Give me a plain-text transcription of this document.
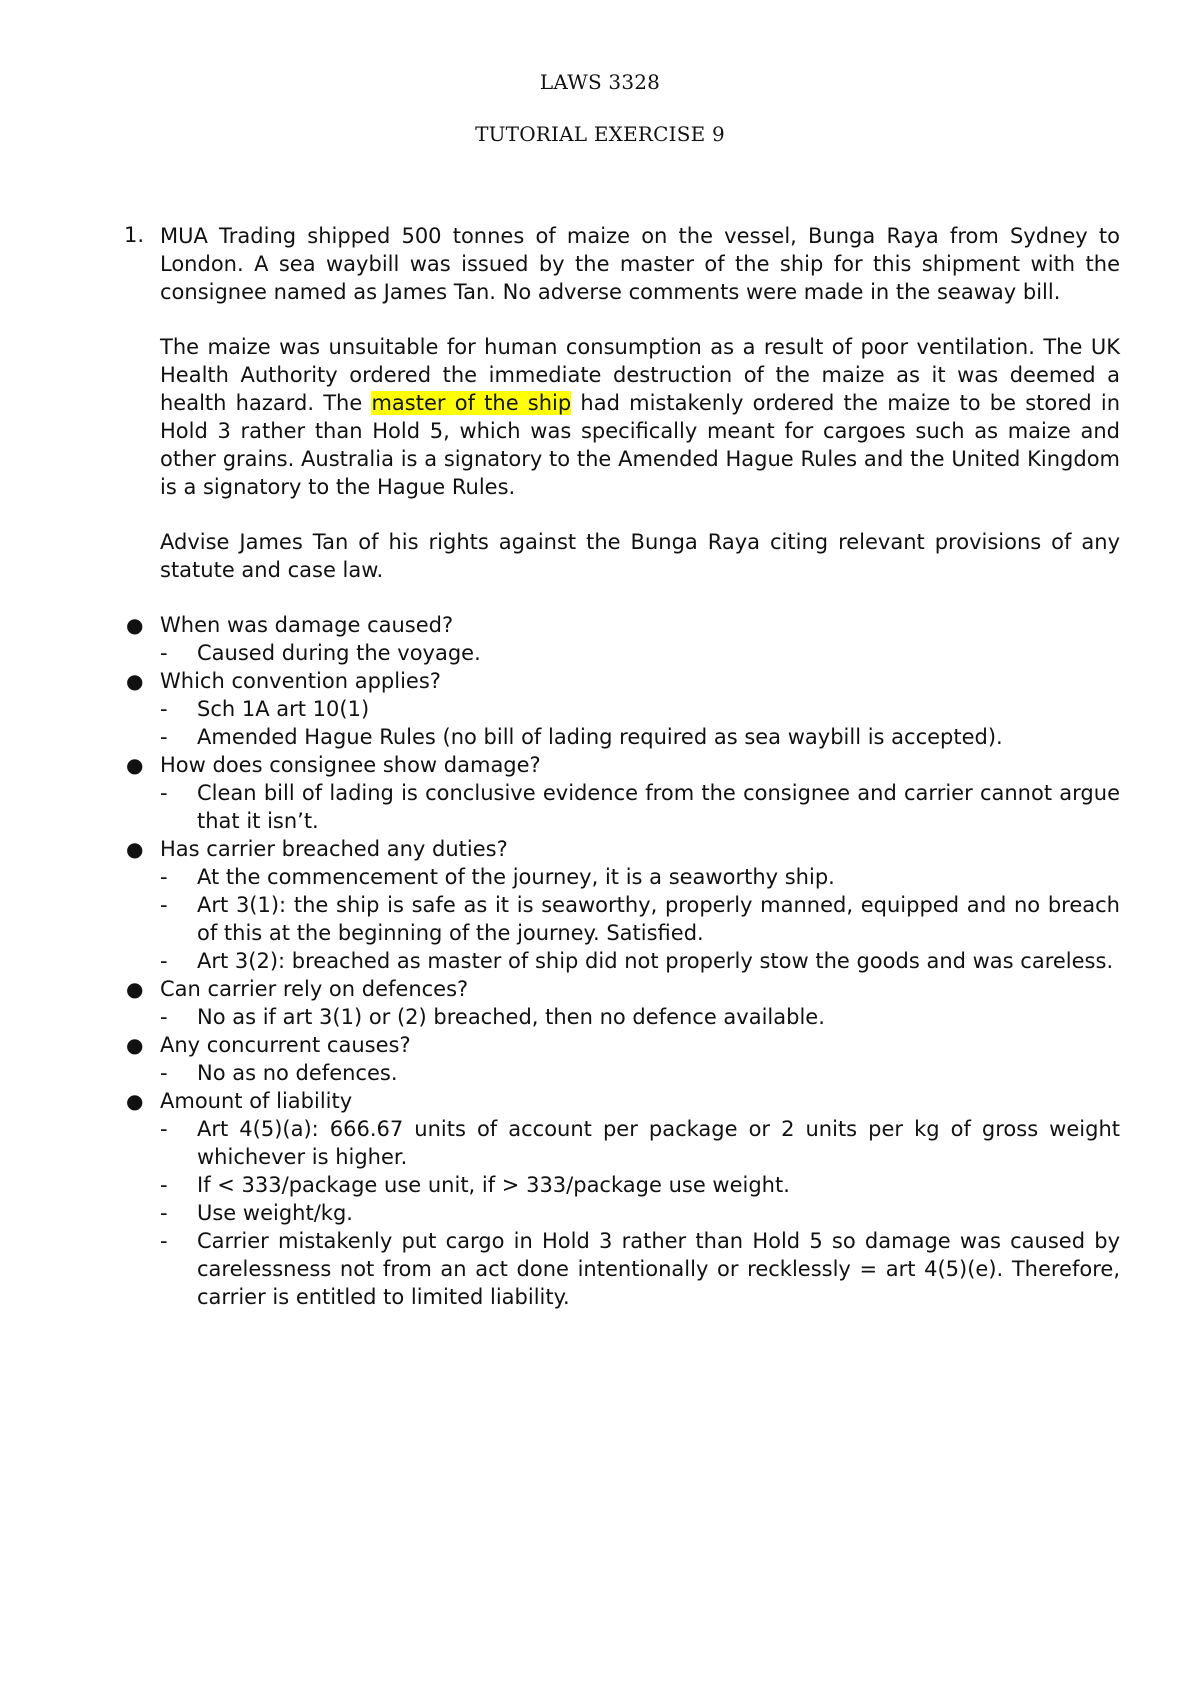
LAWS 3328
TUTORIAL EXERCISE 9
1. MUA Trading shipped 500 tonnes of maize on the vessel, Bunga Raya from Sydney to London. A sea waybill was issued by the master of the ship for this shipment with the consignee named as James Tan. No adverse comments were made in the seaway bill.

The maize was unsuitable for human consumption as a result of poor ventilation. The UK Health Authority ordered the immediate destruction of the maize as it was deemed a health hazard. The master of the ship had mistakenly ordered the maize to be stored in Hold 3 rather than Hold 5, which was specifically meant for cargoes such as maize and other grains. Australia is a signatory to the Amended Hague Rules and the United Kingdom is a signatory to the Hague Rules.

Advise James Tan of his rights against the Bunga Raya citing relevant provisions of any statute and case law.

● When was damage caused?
- Caused during the voyage.
● Which convention applies?
- Sch 1A art 10(1)
- Amended Hague Rules (no bill of lading required as sea waybill is accepted).
● How does consignee show damage?
- Clean bill of lading is conclusive evidence from the consignee and carrier cannot argue that it isn’t.
● Has carrier breached any duties?
- At the commencement of the journey, it is a seaworthy ship.
- Art 3(1): the ship is safe as it is seaworthy, properly manned, equipped and no breach of this at the beginning of the journey. Satisfied.
- Art 3(2): breached as master of ship did not properly stow the goods and was careless.
● Can carrier rely on defences?
- No as if art 3(1) or (2) breached, then no defence available.
● Any concurrent causes?
- No as no defences.
● Amount of liability
- Art 4(5)(a): 666.67 units of account per package or 2 units per kg of gross weight whichever is higher.
- If < 333/package use unit, if > 333/package use weight.
- Use weight/kg.
- Carrier mistakenly put cargo in Hold 3 rather than Hold 5 so damage was caused by carelessness not from an act done intentionally or recklessly = art 4(5)(e). Therefore, carrier is entitled to limited liability.
